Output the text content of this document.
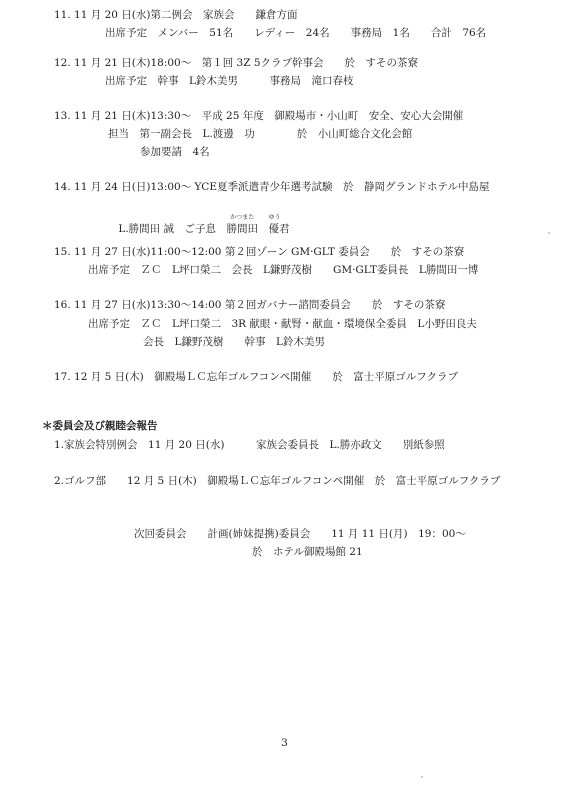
11. 11 月 20 日(水)第二例会　家族会　　鎌倉方面
出席予定　メンバー　51名　　レディー　24名　　事務局　1名　　合計　76名
12. 11 月 21 日(木)18:00〜　第１回 3Z 5クラブ幹事会　　於　すその茶寮
出席予定　幹事　L鈴木美男　　　事務局　滝口春枝
13. 11 月 21 日(木)13:30〜　平成 25 年度　御殿場市・小山町　安全、安心大会開催
担当　第一副会長　L.渡邊　功　　　　於　小山町総合文化会館
参加要請　4名
14. 11 月 24 日(日)13:00〜 YCE夏季派遣青少年選考試験　於　静岡グランドホテル中島屋

L.勝間田 誠　ご子息　勝間田
かつまた
　優
ゆう
君

15. 11 月 27 日(水)11:00〜12:00 第２回ゾーン GM·GLT 委員会　　於　すその茶寮
出席予定　ＺＣ　L坪口榮二　会長　L鎌野茂樹　　GM·GLT委員長　L勝間田一博
16. 11 月 27 日(水)13:30〜14:00 第２回ガバナー諮問委員会　　於　すその茶寮
出席予定　ＺＣ　L坪口榮二　3R 献眼・献腎・献血・環境保全委員　L小野田良夫
会長　L鎌野茂樹　　幹事　L鈴木美男
17. 12 月 5 日(木)　御殿場ＬＣ忘年ゴルフコンペ開催　　於　富士平原ゴルフクラブ
＊委員会及び親睦会報告
1.家族会特別例会　11 月 20 日(水)　　　家族会委員長　L.勝亦政文　　別紙参照
2.ゴルフ部　　12 月 5 日(木)　御殿場ＬＣ忘年ゴルフコンペ開催　於　富士平原ゴルフクラブ
次回委員会　　計画(姉妹提携)委員会　　11 月 11 日(月)　19：00〜
於　ホテル御殿場館 21
3
